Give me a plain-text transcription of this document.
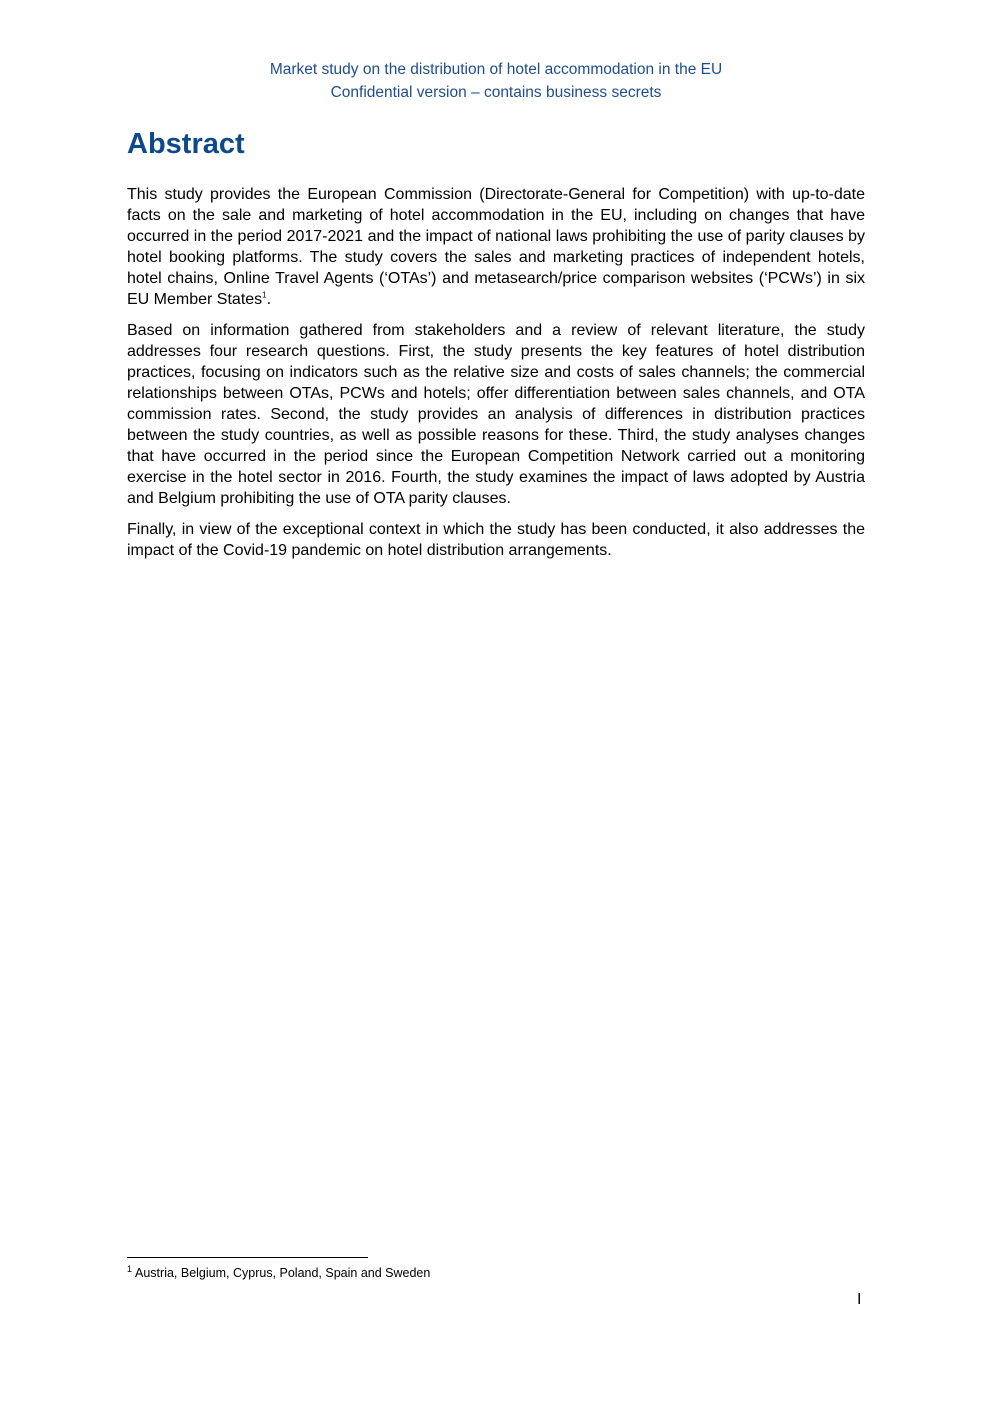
Market study on the distribution of hotel accommodation in the EU
Confidential version – contains business secrets
Abstract

This study provides the European Commission (Directorate-General for Competition) with up-to-date facts on the sale and marketing of hotel accommodation in the EU, including on changes that have occurred in the period 2017-2021 and the impact of national laws prohibiting the use of parity clauses by hotel booking platforms. The study covers the sales and marketing practices of independent hotels, hotel chains, Online Travel Agents (‘OTAs’) and metasearch/price comparison websites (‘PCWs’) in six EU Member States$^1$.

Based on information gathered from stakeholders and a review of relevant literature, the study addresses four research questions. First, the study presents the key features of hotel distribution practices, focusing on indicators such as the relative size and costs of sales channels; the commercial relationships between OTAs, PCWs and hotels; offer differentiation between sales channels, and OTA commission rates. Second, the study provides an analysis of differences in distribution practices between the study countries, as well as possible reasons for these. Third, the study analyses changes that have occurred in the period since the European Competition Network carried out a monitoring exercise in the hotel sector in 2016. Fourth, the study examines the impact of laws adopted by Austria and Belgium prohibiting the use of OTA parity clauses.

Finally, in view of the exceptional context in which the study has been conducted, it also addresses the impact of the Covid-19 pandemic on hotel distribution arrangements.

$^1$ Austria, Belgium, Cyprus, Poland, Spain and Sweden
I
